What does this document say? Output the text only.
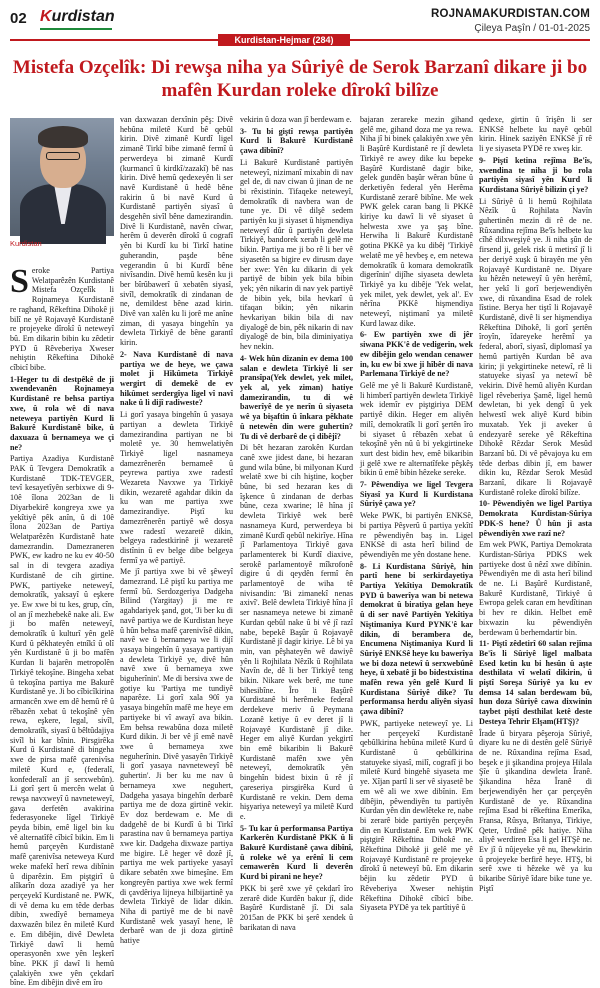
02 Kurdistan	ROJNAMAKURDISTAN.COM
Çileya Paşîn / 01-01-2025
Kurdistan-Hejmar (284)
Mistefa Ozçelîk: Di rewşa niha ya Sûriyê de Serok Barzanî dikare ji bo mafên Kurdan roleke dîrokî bilîze
Kurdistan

Seroke Partiya Welatparêzên Kurdistanê Mistefa Ozçelîk li Rojnameya Kurdistanê re raghand, Rêkeftina Dihokê ji bilî ne yê Rojavayê Kurdistanê re projeyeke dîrokî û neteweyî bû. Em dikarin bibin ku zêdetir PYD û Rêveberiya Xweser nehiştin Rêkeftina Dihokê cîbicî bibe.

1-Heger tu di destpêkê de ji xwendevanên Rojnameya Kurdistanê re behsa partiya xwe, û rola wê di nava neteweya partiyên Kurd li Bakurê Kurdistanê bike, û daxuaza û bernameya we çi ne?

Partiya Azadiya Kurdistanê PAK û Tevgera Demokratîk a Kurdistanê TDK-TEVGER, tevî kesayetîyên serbixwe di 9-10ê îlona 2023an de li Diyarbekirê kongreya xwe ya yekîtiyê pêk anîn, û di 10ê îlona 2023an de Partiya Welatparêzên Kurdistanê hate damezrandin. Damezraneren PWK, ew kadro ne ku ev 40-50 sal in di tevgera azadiya Kurdistanê de cih girtine. PWK, partiyeke neteweyî, demokratîk, yaksayî û eşkere ye. Ew xwe bi tu kes, grup, cîn, ol an jî mezhebekê nake ali. Ew ji bo mafên neteweyî, demokratîk û kulturî yên gelê Kurd û pêkhateyên etnîkî û olî yên Kurdistanê û ji bo mafên Kurdan li bajarên metropolên Tirkiyê tekoşîne. Bingeha xebat û tekoşîna partiya me Bakurê Kurdistanê ye. Ji bo cîbicîkirina armancên xwe em dê hemû rê û rêbazên xebat û tekoşînê yên rewa, eşkere, legal, sivîl, demokratîk, siyasî û bêltûdajiya sivîl bi kar bînin. Pirsgirêka Kurd û Kurdistanê di bingeha xwe de pirsa mafê çarenivîsa miletê Kurd e, (federalî, konfederalî an jî serxwebûn). Li gorî şert û mercên welat û rewşa navxweyî û navneteweyî, gava derfetên avakirina federasyoneke lîgel Tirkiyê peyda bibin, emê ligel bin ku vê alternatîfê cîbicî bikin. Em li hemû parçeyên Kurdistanê mafê çarenivîsa neteweya Kurd weke mafekî herî rewa dibînin û diparêzin. Em piştgirî û alîkarîn doza azadiyê ya her perçeyekî Kurdistanê ne. PWK, di vê dema ku em têde derbas dibin, xwedîyê bernameya daxwazên bilez ên miletê Kurd e. Em dibêjin, divê Dewleta Tirkiyê dawî li hemû operasyonên xwe yên leşkerî bîne. PKK jî dawî li hemû çalakiyên xwe yên çekdarî bîne. Em dibêjin divê em îro

van daxwazan derxînin pêş: Divê hebûna miletê Kurd bê qebûl kirin. Divê zimanê Kurdî ligel zimanê Tirkî bibe zimanê fermî û perwerdeya bi zimanê Kurdî (kurmancî û kirdkî/zazakî) bê nas kirin. Divê hemû qedexeyên li ser navê Kurdistanê û hedê bêne rakirin û bi navê Kurd û Kurdistanê partiyên siyasî û desgehên sivîl bêne damezirandin. Divê li Kurdistanê, navên cîwar, herêm û deverên dîrokî û cografî yên bi Kurdî ku bi Tirkî hatine guherandin, paşde bêne vegerandin û bi Kurdî bêne nivîsandin. Divê hemû kesên ku ji ber bîrûbawerî û xebatên siyasî, sivîl, demokratîk di zindanan de ne, demildest bêne azad kirin. Divê van xalên ku li jorê me anîne ziman, di yasaya bingehîn ya dewleta Tirkiyê de bêne garantî kirin.

2- Nava Kurdistanê di nava partiya we de heye, we çawa molet ji Hikûmeta Tirkiyê wergirt di demekê de ev hikûmet serdergîya ligel vî navî nake û li dijî radiweste?

Li gorî yasaya bingehîn û yasaya partiyan a dewleta Tirkiyê damezirandina partiyan ne bi moletê ye. 30 hemwelatiyên Tirkiyê ligel nasnameya damezrênerên bernameê û peyrewa partiya xwe radestî Wezareta Navxwe ya Tirkiyê dikin, wezaretê agahdar dikin da ku wan me partiya xwe damezirandiye. Piştî ku damezrênerên partiyê wê dosya xwe radestî wezaretê dikin, belgeya radestkirinê ji wezaretê distînin û ev belge dibe belgeya fermî ya wê partiyê.

Me jî partiya xwe bi vê şêweyî damezrand. Lê piştî ku partiya me fermî bû. Serdozgeriya Dadgeha Bilind (Yargitay) ji me re agahdariyek şand, got, 'Ji ber ku di navê partiya we de Kurdistan heye û hûn behsa mafê çarenivîsê dikin, navê we û bernameya we li dijî yasaya bingehîn û yasaya partiyan a dewleta Tirkiyê ye, divê hûn navê xwe û bernameya xwe biguherînin'. Me di bersiva xwe de gotiye ku 'Partiya me tundiyê naparêze. Li gorî xala 90î ya yasaya bingehîn mafê me heye em partiyeke bi vî awayî ava bikin. Em behsa rewabûna doza miletê Kurd dikin. Ji ber vê jî emê navê xwe û bernameya xwe neguherînin. Divê yasayên Tirkiyê li gorî yasaya navneteweyî bê guhertin'. Ji ber ku me nav û bernameya xwe neguhert, Dadgeha yasaya bingehîn derbarê partiya me de doza girtinê vekir. Ev doz berdewam e. Me di dadgehê de bi Kurdî û bi Tirkî parastina nav û bernameya partiya xwe kir. Dadgeha dixwaze partiya me bigire. Lê heger vê dozê jî, partiya me wek partiyeke yasayî dikare sebatên xwe bimeşîne. Em kongreyên partiya xwe wek fermî di çavdêriya lijneya hilbijartinê ya dewleta Tirkiyê de lidar dikin. Niha di partiyê me de bi navê Kurdistanê wek yasayî hene, lê derbarê wan de ji doza girtinê hatiye

vekirin û doza wan jî berdewam e.

3- Tu bi giştî rewşa partiyên Kurd li Bakurê Kurdistanê çawa dibînî?

Li Bakurê Kurdistanê partiyên neteweyî, nizimanî mixabin di nav gel de, di nav ciwan û jinan de ne bi rêxistinin. Tifaqeke neteweyî, demokratîk di navbera wan de tune ye. Di vê dilşê sedem partiyên ku ji siyaset û hişmendiya neteweyî dûr û partiyên dewleta Tirkiyê, bandorek xerab li gelê me bikin. Partiya me ji bo rê li ber vê siyasetên sa bigire ev dirusm daye ber xwe: Yên ku dikarin di yek partiyê de bibin yek bila bibin yek; yên nikarin di nav yek partiyê de bibin yek, bila hevkarî û tifaqan bikin; yên nikarin hevkariyan bikin bila di nav diyalogê de bin, pêk nikarin di nav diyalogê de bin, bila diminiyatiya hev nekin.

4- Wek hûn dizanin ev dema 100 salan e dewleta Tirkiyê li ser pransîpa(Yek dewlet, yek milet, yek al, yek ziman) hatiye damezirandin, tu di wê bawerîyê de ye nerîn û siyaseta wê ya bişaftin û înkara pêkhate û netewên din were guhertin? Tu di vê derbarê de çi dibêjî?

Di bêt hezaran zarokên Kurdan canê xwe jidest dane, bi hezaran gund wila bûne, bi milyonan Kurd welatê xwe bi cih hiştine, koçber bûne, bi sed hezaran kes di îşkence û zindanan de derbas bûne, ceza xwarine; lê hîna jî dewleta Tirkiyê wek berê nasnameya Kurd, perwerdeya bi zimanê Kurdî qebûl nekirîye. Hîna jî Parlamentoya Tirkiyê gava parlamenterek bi Kurdî diaxive, serokê parlamentoyê mîkrofonê digire û di qeydên fermî ên parlamentoyê de wiha tê nivisandin: 'Bi zimanekî nenas axivî'. Belê dewleta Tirkiyê hîna jî ser nasnameya netewe bi zimanê Kurdan qebûl nake û bi vê jî razî nabe, bepekê Başûr û Rojavayê Kurdistanê jî dagir kiriye. Lê bi ya min, van pêşhateyên wê dawiyê yên li Rojhilata Nêzîk û Rojhilata Navîn de, dê li ber Tirkiyê teng bikin. Nikare wek berê, me tune bihesibîne. Îro li Başûrê Kurdistanê bi herêmeke federal derdekeve meriv û Peymana Lozanê ketiye û ev deret jî li Rojavayê Kurdistanê jî dike. Heger em aliyê Kurdan yekgirtî bin emê bikaribin li Bakurê Kurdistanê mafên xwe yên neteweyî, demokratîk yên bingehîn bidest bixin û rê jî çareseriya pirsgirêka Kurd û Kurdistanê re vekin. Dem dema hişyariya neteweyî ya miletê Kurd e.

5- Tu kar û performansa Partiya Karkerên Kurdistanê PKK û li Bakurê Kurdistanê çawa dibînî, û roleke wê ya erênî li cem cemawerên Kurd li deverên Kurd bi pirani ne heye?

PKK bi şerê xwe yê çekdarî îro zerarê dide Kurdên bakur jî, dide Başûrê Kurdistanê jî. Di sala 2015an de PKK bi şerê xendek û barikatan di nava

bajaran zerareke mezin gihand gelê me, gihand doza me ya rewa. Niha jî bi binek çalakiyên xwe yên li Başûrê Kurdistanê re jî dewleta Tirkiyê re awey dike ku bepeke Başûrê Kurdistanê dagir bike, gelek gundên başûr wêran bûne û derketiyên federal yên Herêma Kurdistanê zerarê bibîne. Me wek PWK gelek caran bang li PKKê kiriye ku dawî li vê siyaset û helwesta xwe ya şaş bîne. Herwiha li Bakurê Kurdistanê gotina PKKê ya ku dibêj 'Tirkiyê welatê me yê hevbeş e, em netewa demokratîk û komara demokratîk digerînin' dijîhe siyaseta dewleta Tirkiyê ya ku dibêje 'Yek welat, yek milet, yek dewlet, yek al'. Ev nêrîna PKKê hişmendiya neteweyî, niştimanî ya miletê Kurd lawaz dike.

6- Ew partiyên xwe di jêr siwana PKK'ê de vedigerin, wek ew dibêjin gelo wendan cenawer in, ku ew bi xwe ji hîbêr di nava Parlemana Tirkiyê de ne?

Gelê me yê li Bakurê Kurdistanê, li himberî partiyên dewleta Tirkiyê wek idemîr ev piştgiriya DEM partiyê dikin. Heger em aliyên milî, demokratîk li gorî şertên îro bi siyaset û rêbazên xebat û tekoşînê yên nû û bi yekgirtineke xurt dest bidin hev, emê bikaribin ji gelê xwe re alternatîfeke pêşkêş bikin û emê bibin hêzeke serekе.

7- Pêwendiya we ligel Tevgera Siyasî ya Kurd li Kurdistana Sûriyê çawa ye?

Weke PWK, bi partiyên ENKSê, bi partiya Pêşverû û partiya yekîtî re pêwendiyên baş in. Ligel ENKSê di asta herî bilind de pêwendiyên me yên dostane hene.

8- Li Kurdistana Sûriyê, hin partî hene bi serkirdayetiya Partiya Yekîtiya Demokratîk PYD û bawerîya wan bi netewa demokrat û biratiya gelan heye û di ser navê Partiyên Yekîtiya Niştimaniya Kurd PYNK'ê kar dikin, di berambera de, Encumena Niştimaniya Kurd li Sûriyê ENKSê heye ku bawerîya we bi doza netewî û serxwebûnê heye, û xebatê ji bo bidestxistina mafên rewa yên gelê Kurd li Kurdistana Sûriyê dike? Tu performansa herdu aliyên siyasî çawa dibînî?

PWK, partiyeke neteweyî ye. Li her perçeyekî Kurdistanê qebûlkirina hebûna miletê Kurd û Kurdistanê û qebûlkirina statuyeke siyasî, milî, cografî ji bo miletê Kurd bingehê siyaseta me ye. Xîjan partî li ser vê siyasetê be em wê ali we xwe dibînin. Em dibêjin, pêwendiyên tu partiyên Kurdan yên din dewlêteke re, nabe bi zerarê bide partiyên perçeyên din en Kurdistanê. Em wek PWK piştgirê Rêkeftina Dihokê ne. Rêkeftina Dihokê ji gelê me yê Rojavayê Kurdistanê re projeyeke dîrokî û neteweyî bû. Em dikarin bêjin ku zêdetir PYD û Rêveberiya Xweser nehiştin Rêkeftina Dihokê cîbicî bibe. Siyaseta PYDê ya tek partîtiyê û

qedexe, girtin û îrişên li ser ENKSê helbete ku nayê qebûl kirin. Hinek saziyên ENKSê jî rê li ye siyaseta PYDê re xweş kir.

9- Piştî ketina rejîma Be'îs, xwendina te niha ji bo rola partiyên siyasî yên Kurd li Kurdistana Sûriyê bilizin çi ye?

Li Sûriyê û li hemû Rojhilata Nêzîk û Rojhilata Navîn guhertinên mezin di rê de ne. Rûxandina rejîma Be'îs helbete ku cîhê dilxweşiyê ye. Ji niha şûn de firsend ji, gelek risk û metirsî jî li ber deriyê xuşk û birayên me yên Rojavayê Kurdistanê ne. Diyare ku hêzên neteweyî û yên herêmî, her yekî li gorî berjewendiyên xwe, di rûxandina Esad de rolek lîstine. Berya her tiştî li Rojavayê Kurdistanê, divê li ser hişmendiya Rêkeftina Dihokê, li gorî şertên îroyîn, îdareyeke herêmî ya federal, aborî, siyasî, diplomasî ya hemû partiyên Kurdan bê ava kirin; ji yekgirtineke netewî, rê li statuyeke siyasî ya netewî bê vekirin. Divê hemû aliyên Kurdan ligel rêveberiya Şamê, ligel hemû dewletan, bi yek dengî û yek helwestî wek aliyê Kurd bibin muxatab. Yek ji aveker û endezyarê sereke yê Rêkeftina Dihokê Rêzdar Serok Mesûd Barzanî bû. Di vê pêvajoya ku em têde derbas dibin jî, em bawer dikin ku, Rêzdar Serok Mesûd Barzanî, dikare li Rojavayê Kurdistanê roleke dîrokî bilîze.

10- Pêwendiyên we ligel Partiya Demokrata Kurdistan-Sûriya PDK-S hene? Û hûn ji asta pêwendiyên xwe razî ne?

Em wek PWK, Partiya Demokrata Kurdistan-Sûriya PDKS wek partiyeke dost û nêzî xwe dibînin. Pêwendiyên me di asta herî bilind de ne. Li Başûrê Kurdistanê, Bakurê Kurdistanê, Tirkiyê û Ewropa gelek caran em hevdîtinan bi hev re dikin. Helbet emê bixwazin ku pêwendiyên berdewam û berhemdartir bin.

11- Piştî zêdetirî 60 salan rejîma Be'îs li Sûriyê ligel malbata Esed ketin ku bi hesûn û aşte desthilata vî welatî dikirin, û piştî Soreşa Sûriyê ya ku ev demsa 14 salan berdewam bû, hun doza Sûriyê cawa dixwinin taybet piştî desthilat ketê deste Desteya Tehrir Elşam(HTŞ)?

Îrade û biryara pêşeroja Sûriyê, diyare ku ne di destên gelê Sûriyê de ne. Rûxandina rejîma Esad, beşek e ji şikandina projeya Hilala Şîe û şikandina dewleta Îranê. Şikandina hêza Îranê di berjewendiyên her çar perçeyên Kurdistanê de ye. Rûxandina rejîma Esad bi rêkeftina Emerîka, Fransa, Rûsya, Brîtanya, Tirkiye, Qeter, Urdinê pêk hatiye. Niha aliyê werdiren Esa li gel HTŞê ne. Ev jî û nûjeyeke yê nu, îhewkirin û projeyeke berfirê heye. HTŞ, bi serê xwe ti hêzeke wê ya ku bikaribe Sûriyê îdare bike tune ye. Piştî
